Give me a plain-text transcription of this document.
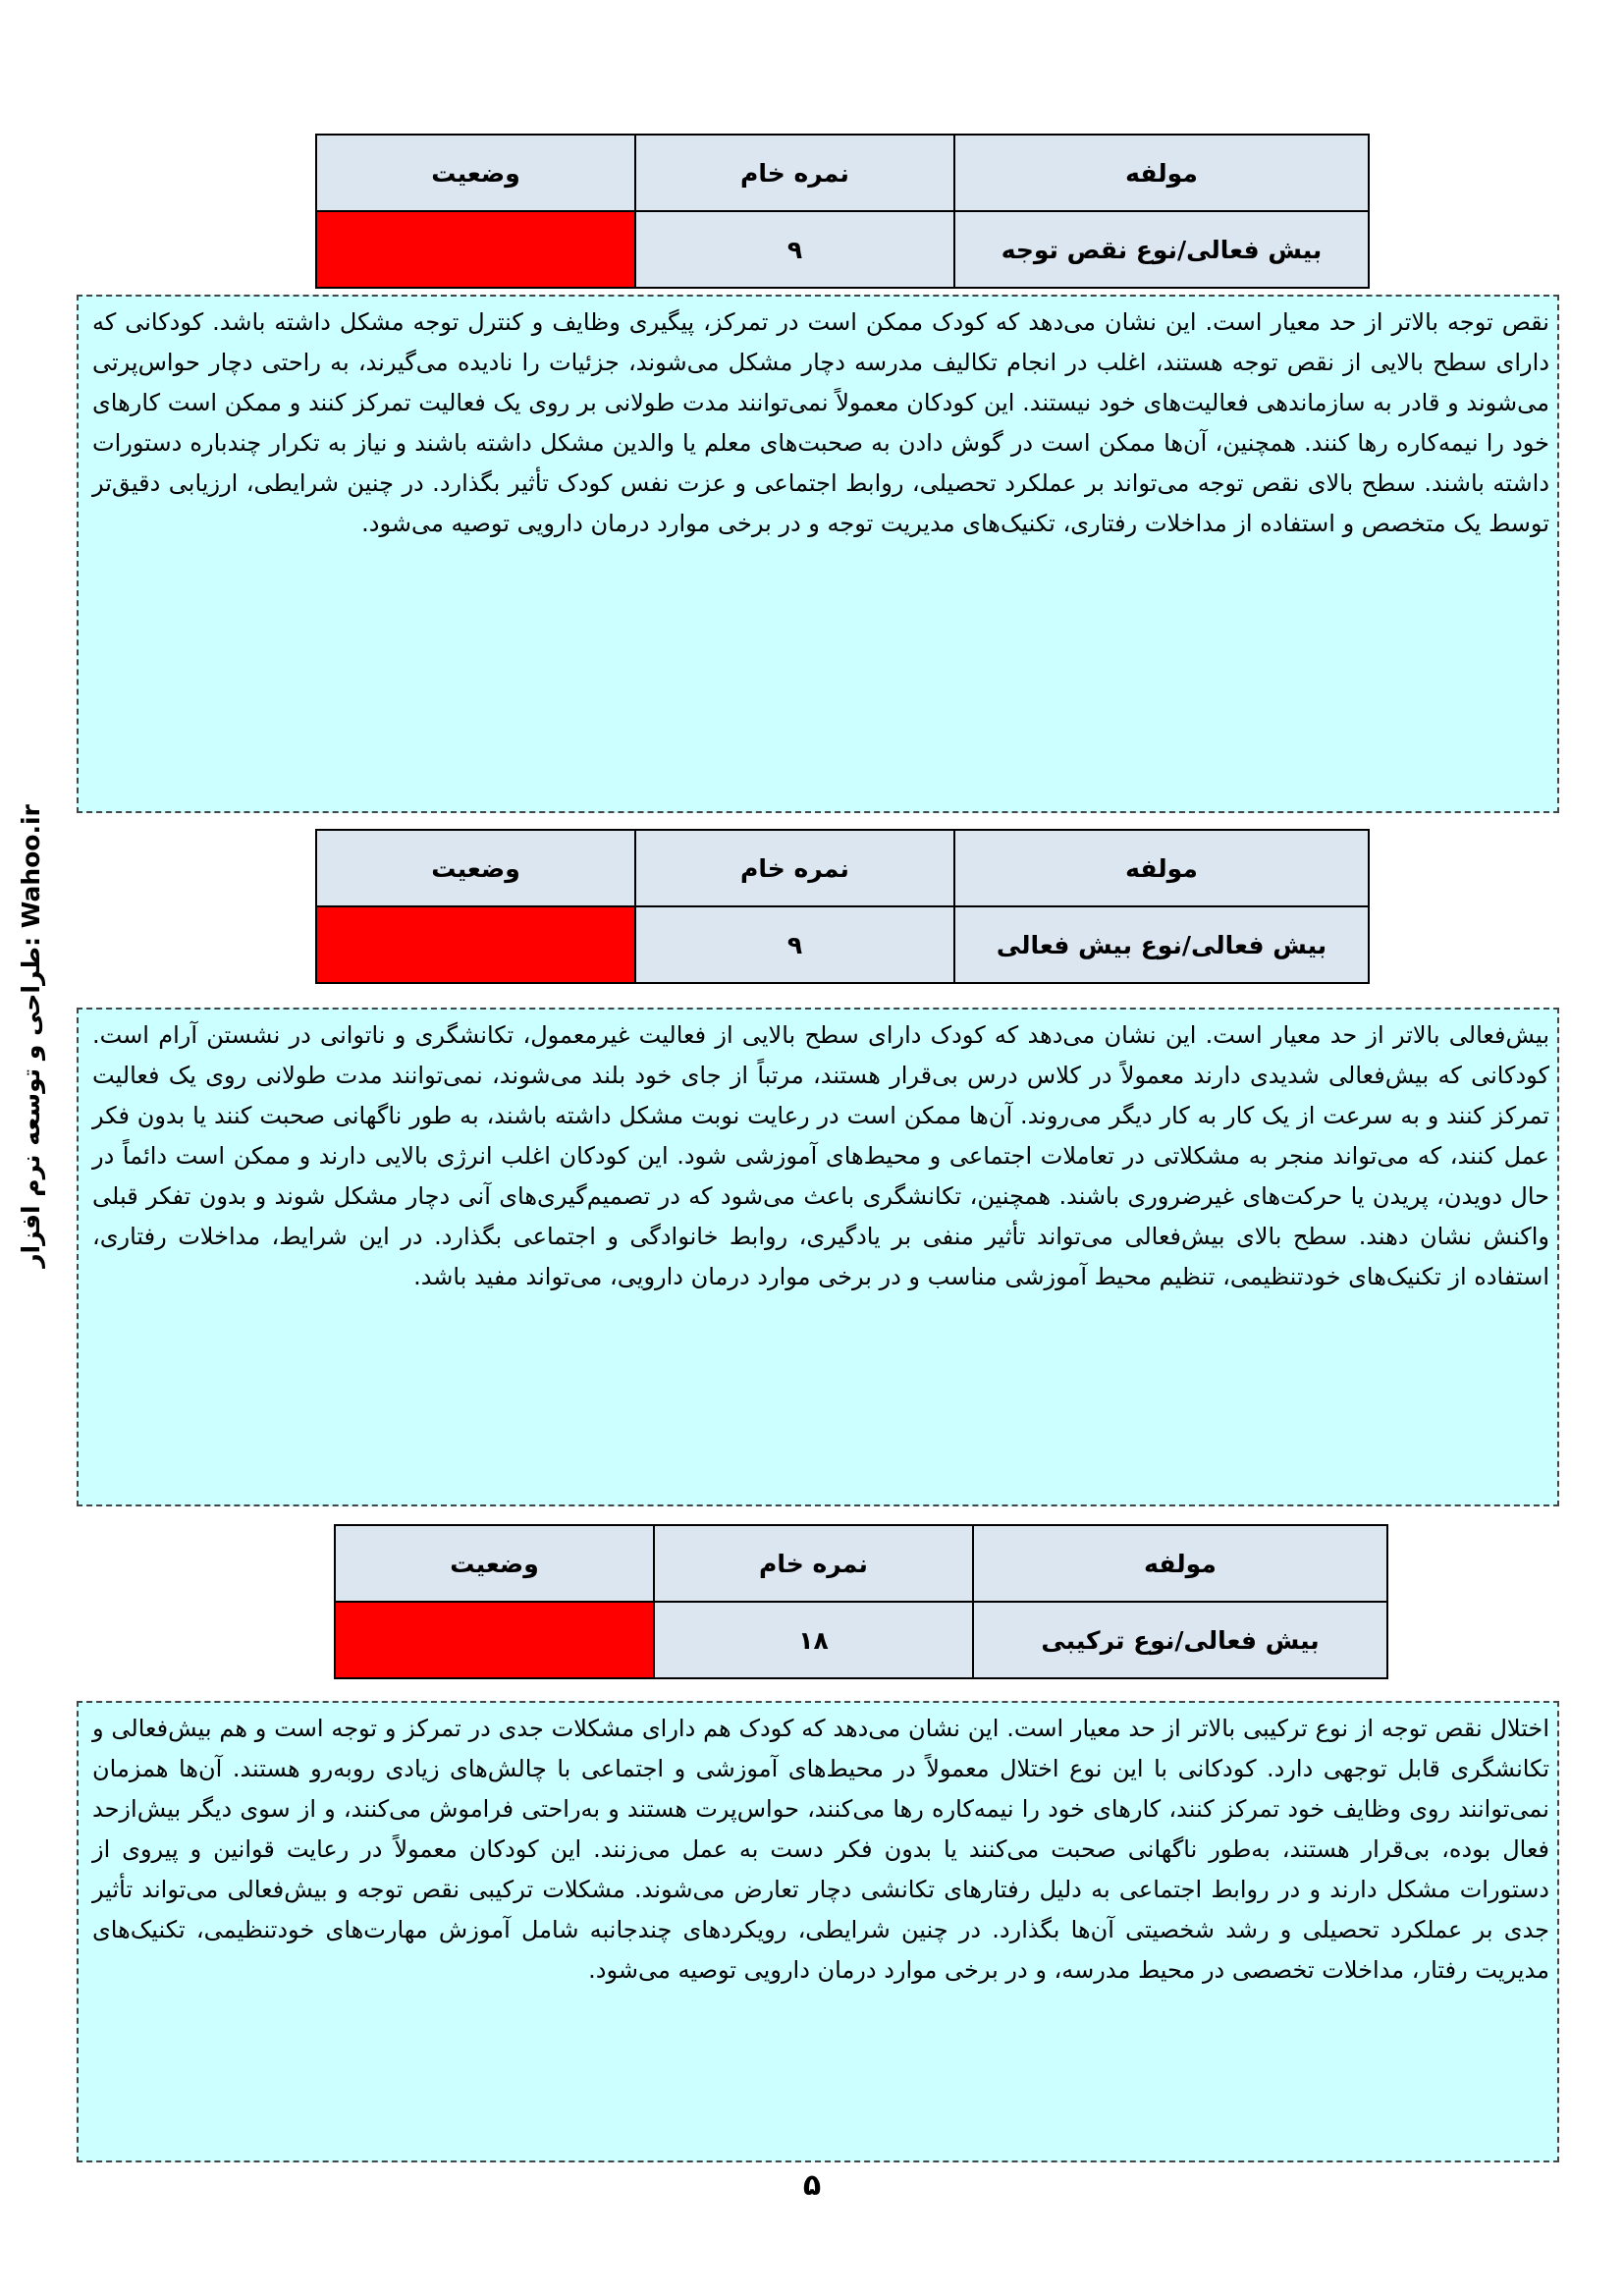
طراحی و توسعه نرم افزار: Wahoo.ir
مولفه	نمره خام	وضعیت
بیش فعالی/نوع نقص توجه	۹	
نقص توجه بالاتر از حد معیار است. این نشان می‌دهد که کودک ممکن است در تمرکز، پیگیری وظایف و کنترل توجه مشکل داشته باشد. کودکانی که دارای سطح بالایی از نقص توجه هستند، اغلب در انجام تکالیف مدرسه دچار مشکل می‌شوند، جزئیات را نادیده می‌گیرند، به راحتی دچار حواس‌پرتی می‌شوند و قادر به سازماندهی فعالیت‌های خود نیستند. این کودکان معمولاً نمی‌توانند مدت طولانی بر روی یک فعالیت تمرکز کنند و ممکن است کارهای خود را نیمه‌کاره رها کنند. همچنین، آن‌ها ممکن است در گوش دادن به صحبت‌های معلم یا والدین مشکل داشته باشند و نیاز به تکرار چندباره دستورات داشته باشند. سطح بالای نقص توجه می‌تواند بر عملکرد تحصیلی، روابط اجتماعی و عزت نفس کودک تأثیر بگذارد. در چنین شرایطی، ارزیابی دقیق‌تر توسط یک متخصص و استفاده از مداخلات رفتاری، تکنیک‌های مدیریت توجه و در برخی موارد درمان دارویی توصیه می‌شود.
مولفه	نمره خام	وضعیت
بیش فعالی/نوع بیش فعالی	۹	
بیش‌فعالی بالاتر از حد معیار است. این نشان می‌دهد که کودک دارای سطح بالایی از فعالیت غیرمعمول، تکانشگری و ناتوانی در نشستن آرام است. کودکانی که بیش‌فعالی شدیدی دارند معمولاً در کلاس درس بی‌قرار هستند، مرتباً از جای خود بلند می‌شوند، نمی‌توانند مدت طولانی روی یک فعالیت تمرکز کنند و به سرعت از یک کار به کار دیگر می‌روند. آن‌ها ممکن است در رعایت نوبت مشکل داشته باشند، به طور ناگهانی صحبت کنند یا بدون فکر عمل کنند، که می‌تواند منجر به مشکلاتی در تعاملات اجتماعی و محیط‌های آموزشی شود. این کودکان اغلب انرژی بالایی دارند و ممکن است دائماً در حال دویدن، پریدن یا حرکت‌های غیرضروری باشند. همچنین، تکانشگری باعث می‌شود که در تصمیم‌گیری‌های آنی دچار مشکل شوند و بدون تفکر قبلی واکنش نشان دهند. سطح بالای بیش‌فعالی می‌تواند تأثیر منفی بر یادگیری، روابط خانوادگی و اجتماعی بگذارد. در این شرایط، مداخلات رفتاری، استفاده از تکنیک‌های خودتنظیمی، تنظیم محیط آموزشی مناسب و در برخی موارد درمان دارویی، می‌تواند مفید باشد.
مولفه	نمره خام	وضعیت
بیش فعالی/نوع ترکیبی	۱۸	
اختلال نقص توجه از نوع ترکیبی بالاتر از حد معیار است. این نشان می‌دهد که کودک هم دارای مشکلات جدی در تمرکز و توجه است و هم بیش‌فعالی و تکانشگری قابل توجهی دارد. کودکانی با این نوع اختلال معمولاً در محیط‌های آموزشی و اجتماعی با چالش‌های زیادی روبه‌رو هستند. آن‌ها همزمان نمی‌توانند روی وظایف خود تمرکز کنند، کارهای خود را نیمه‌کاره رها می‌کنند، حواس‌پرت هستند و به‌راحتی فراموش می‌کنند، و از سوی دیگر بیش‌ازحد فعال بوده، بی‌قرار هستند، به‌طور ناگهانی صحبت می‌کنند یا بدون فکر دست به عمل می‌زنند. این کودکان معمولاً در رعایت قوانین و پیروی از دستورات مشکل دارند و در روابط اجتماعی به دلیل رفتارهای تکانشی دچار تعارض می‌شوند. مشکلات ترکیبی نقص توجه و بیش‌فعالی می‌تواند تأثیر جدی بر عملکرد تحصیلی و رشد شخصیتی آن‌ها بگذارد. در چنین شرایطی، رویکردهای چندجانبه شامل آموزش مهارت‌های خودتنظیمی، تکنیک‌های مدیریت رفتار، مداخلات تخصصی در محیط مدرسه، و در برخی موارد درمان دارویی توصیه می‌شود.
۵
